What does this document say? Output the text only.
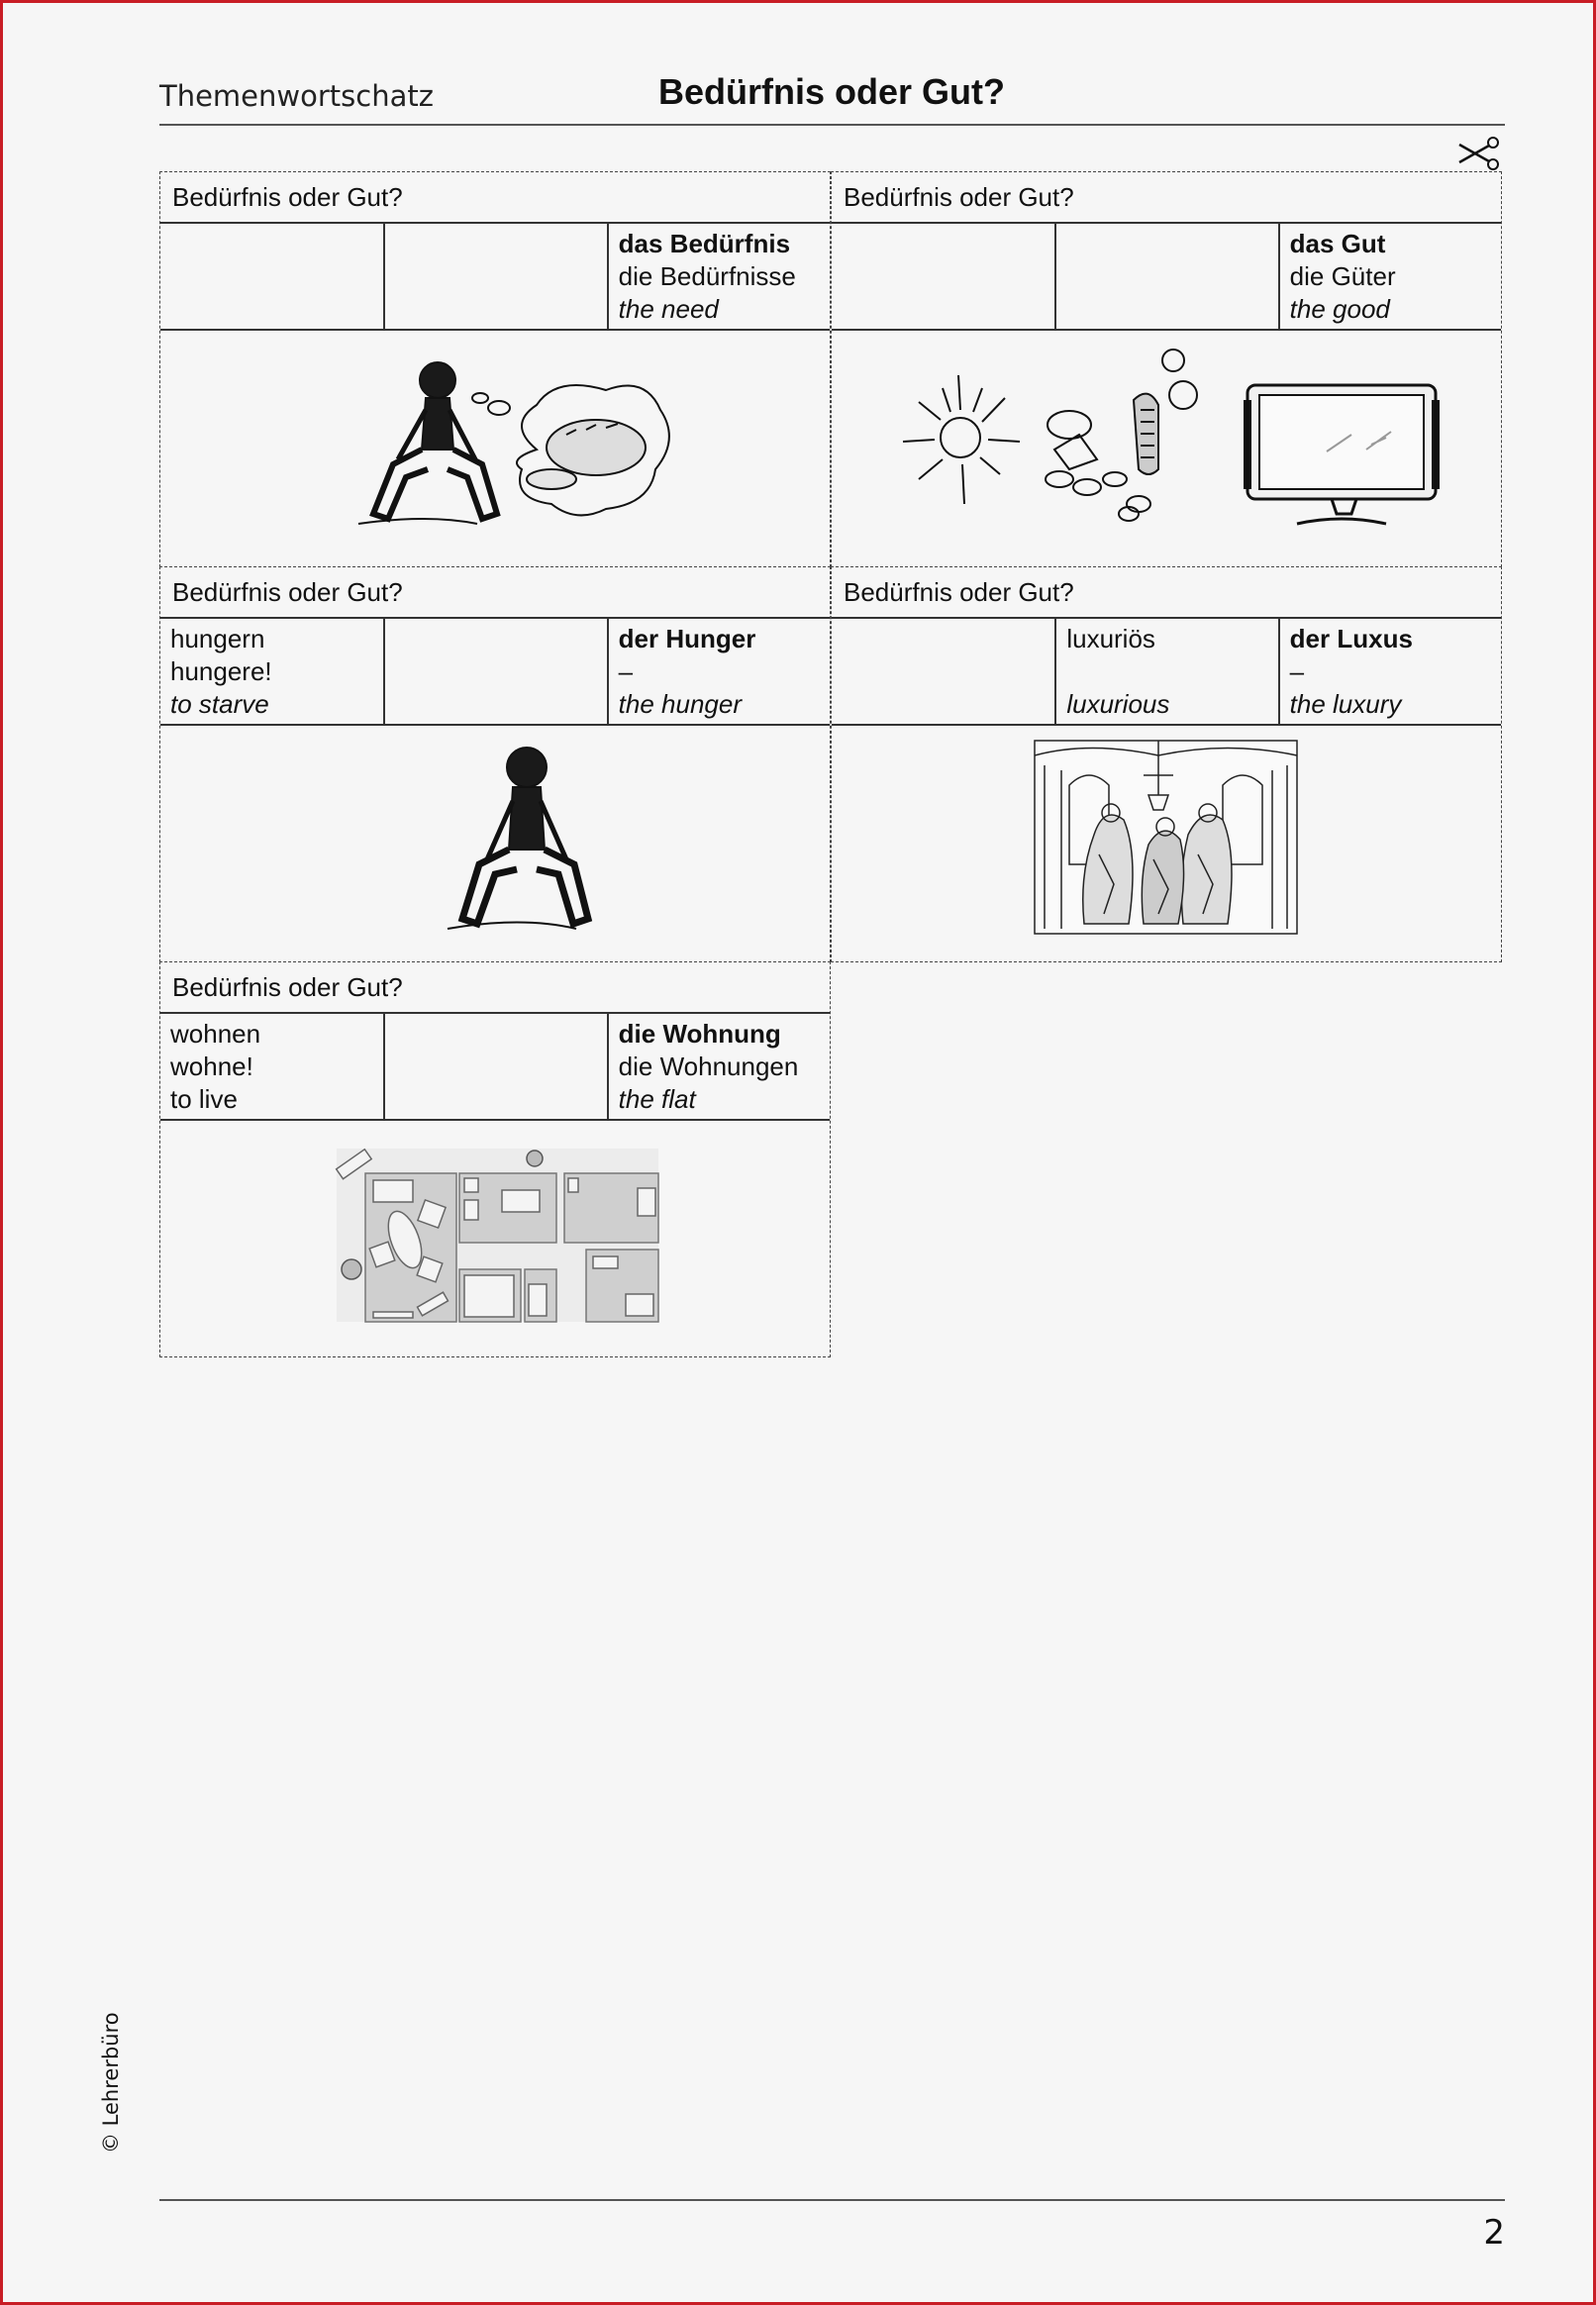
Themenwortschatz	Bedürfnis oder Gut?
Bedürfnis oder Gut?
das Bedürfnis
die Bedürfnisse
the need
Bedürfnis oder Gut?
das Gut
die Güter
the good
Bedürfnis oder Gut?
hungern
hungere!
to starve
der Hunger
–
the hunger
Bedürfnis oder Gut?
luxuriös
luxurious
der Luxus
–
the luxury
Bedürfnis oder Gut?
wohnen
wohne!
to live
die Wohnung
die Wohnungen
the flat
© Lehrerbüro
2
